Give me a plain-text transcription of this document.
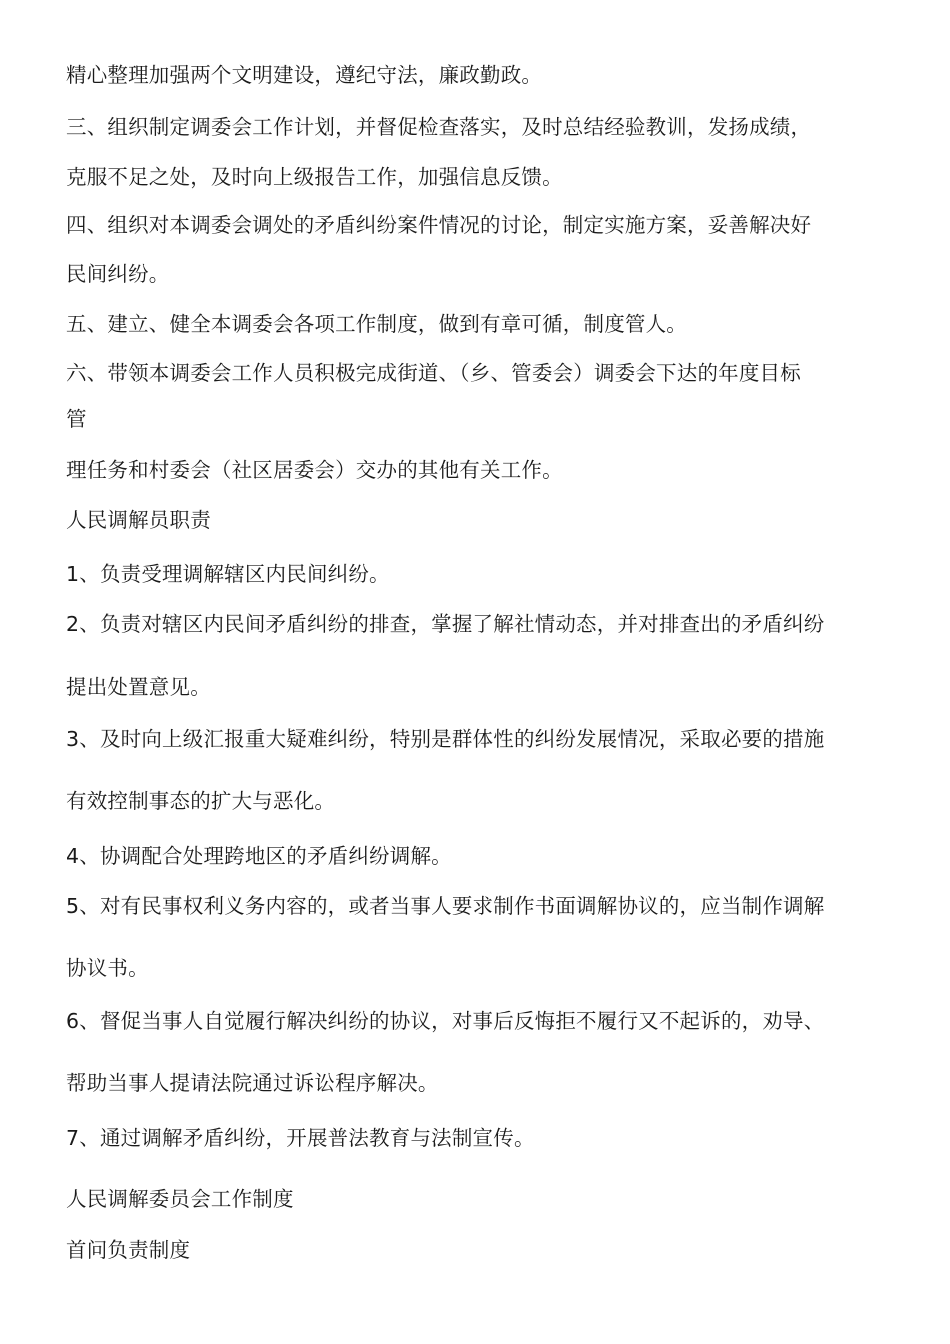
精心整理加强两个文明建设，遵纪守法，廉政勤政。
三、组织制定调委会工作计划，并督促检查落实，及时总结经验教训，发扬成绩，
克服不足之处，及时向上级报告工作，加强信息反馈。
四、组织对本调委会调处的矛盾纠纷案件情况的讨论，制定实施方案，妥善解决好
民间纠纷。
五、建立、健全本调委会各项工作制度，做到有章可循，制度管人。
六、带领本调委会工作人员积极完成街道、（乡、管委会）调委会下达的年度目标
管
理任务和村委会（社区居委会）交办的其他有关工作。
人民调解员职责
1、负责受理调解辖区内民间纠纷。
2、负责对辖区内民间矛盾纠纷的排查，掌握了解社情动态，并对排查出的矛盾纠纷
提出处置意见。
3、及时向上级汇报重大疑难纠纷，特别是群体性的纠纷发展情况，采取必要的措施
有效控制事态的扩大与恶化。
4、协调配合处理跨地区的矛盾纠纷调解。
5、对有民事权利义务内容的，或者当事人要求制作书面调解协议的，应当制作调解
协议书。
6、督促当事人自觉履行解决纠纷的协议，对事后反悔拒不履行又不起诉的，劝导、
帮助当事人提请法院通过诉讼程序解决。
7、通过调解矛盾纠纷，开展普法教育与法制宣传。
人民调解委员会工作制度
首问负责制度
